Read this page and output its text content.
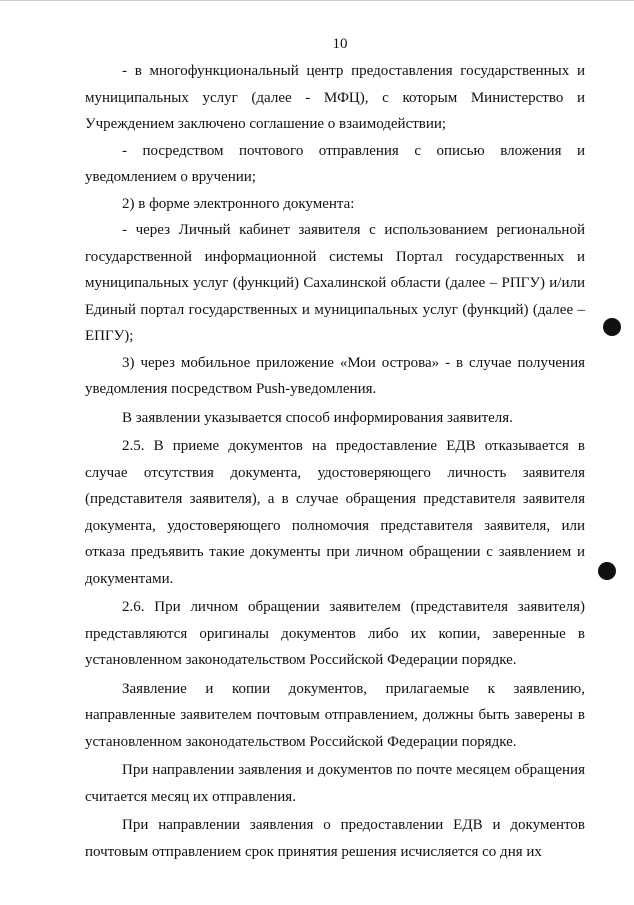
10

- в многофункциональный центр предоставления государственных и муниципальных услуг (далее - МФЦ), с которым Министерство и Учреждением заключено соглашение о взаимодействии;

- посредством почтового отправления с описью вложения и уведомлением о вручении;

2) в форме электронного документа:

- через Личный кабинет заявителя с использованием региональной государственной информационной системы Портал государственных и муниципальных услуг (функций) Сахалинской области (далее – РПГУ) и/или Единый портал государственных и муниципальных услуг (функций) (далее – ЕПГУ);

3) через мобильное приложение «Мои острова» - в случае получения уведомления посредством Push-уведомления.

В заявлении указывается способ информирования заявителя.

2.5. В приеме документов на предоставление ЕДВ отказывается в случае отсутствия документа, удостоверяющего личность заявителя (представителя заявителя), а в случае обращения представителя заявителя документа, удостоверяющего полномочия представителя заявителя, или отказа предъявить такие документы при личном обращении с заявлением и документами.

2.6. При личном обращении заявителем (представителя заявителя) представляются оригиналы документов либо их копии, заверенные в установленном законодательством Российской Федерации порядке.

Заявление и копии документов, прилагаемые к заявлению, направленные заявителем почтовым отправлением, должны быть заверены в установленном законодательством Российской Федерации порядке.

При направлении заявления и документов по почте месяцем обращения считается месяц их отправления.

При направлении заявления о предоставлении ЕДВ и документов почтовым отправлением срок принятия решения исчисляется со дня их
